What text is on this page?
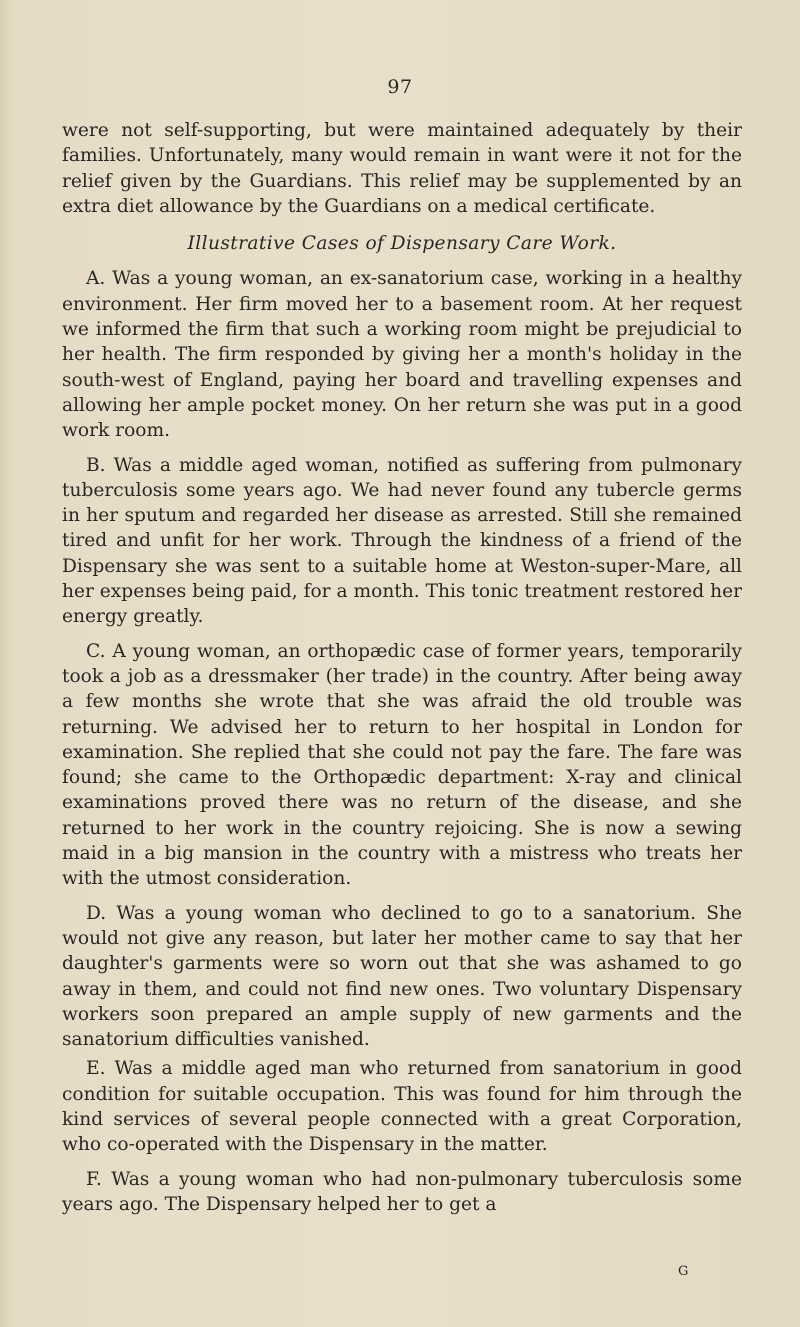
97

were not self-supporting, but were maintained adequately by their families. Unfortunately, many would remain in want were it not for the relief given by the Guardians. This relief may be supplemented by an extra diet allowance by the Guardians on a medical certificate.

Illustrative Cases of Dispensary Care Work.

A. Was a young woman, an ex-sanatorium case, working in a healthy environment. Her firm moved her to a basement room. At her request we informed the firm that such a working room might be prejudicial to her health. The firm responded by giving her a month's holiday in the south-west of England, paying her board and travelling expenses and allowing her ample pocket money. On her return she was put in a good work room.

B. Was a middle aged woman, notified as suffering from pulmonary tuberculosis some years ago. We had never found any tubercle germs in her sputum and regarded her disease as arrested. Still she remained tired and unfit for her work. Through the kindness of a friend of the Dispensary she was sent to a suitable home at Weston-super-Mare, all her expenses being paid, for a month. This tonic treatment restored her energy greatly.

C. A young woman, an orthopædic case of former years, temporarily took a job as a dressmaker (her trade) in the country. After being away a few months she wrote that she was afraid the old trouble was returning. We advised her to return to her hospital in London for examination. She replied that she could not pay the fare. The fare was found; she came to the Orthopædic department: X-ray and clinical examinations proved there was no return of the disease, and she returned to her work in the country rejoicing. She is now a sewing maid in a big mansion in the country with a mistress who treats her with the utmost consideration.

D. Was a young woman who declined to go to a sanatorium. She would not give any reason, but later her mother came to say that her daughter's garments were so worn out that she was ashamed to go away in them, and could not find new ones. Two voluntary Dispensary workers soon prepared an ample supply of new garments and the sanatorium difficulties vanished.

E. Was a middle aged man who returned from sanatorium in good condition for suitable occupation. This was found for him through the kind services of several people connected with a great Corporation, who co-operated with the Dispensary in the matter.

F. Was a young woman who had non-pulmonary tuberculosis some years ago. The Dispensary helped her to get a

G
